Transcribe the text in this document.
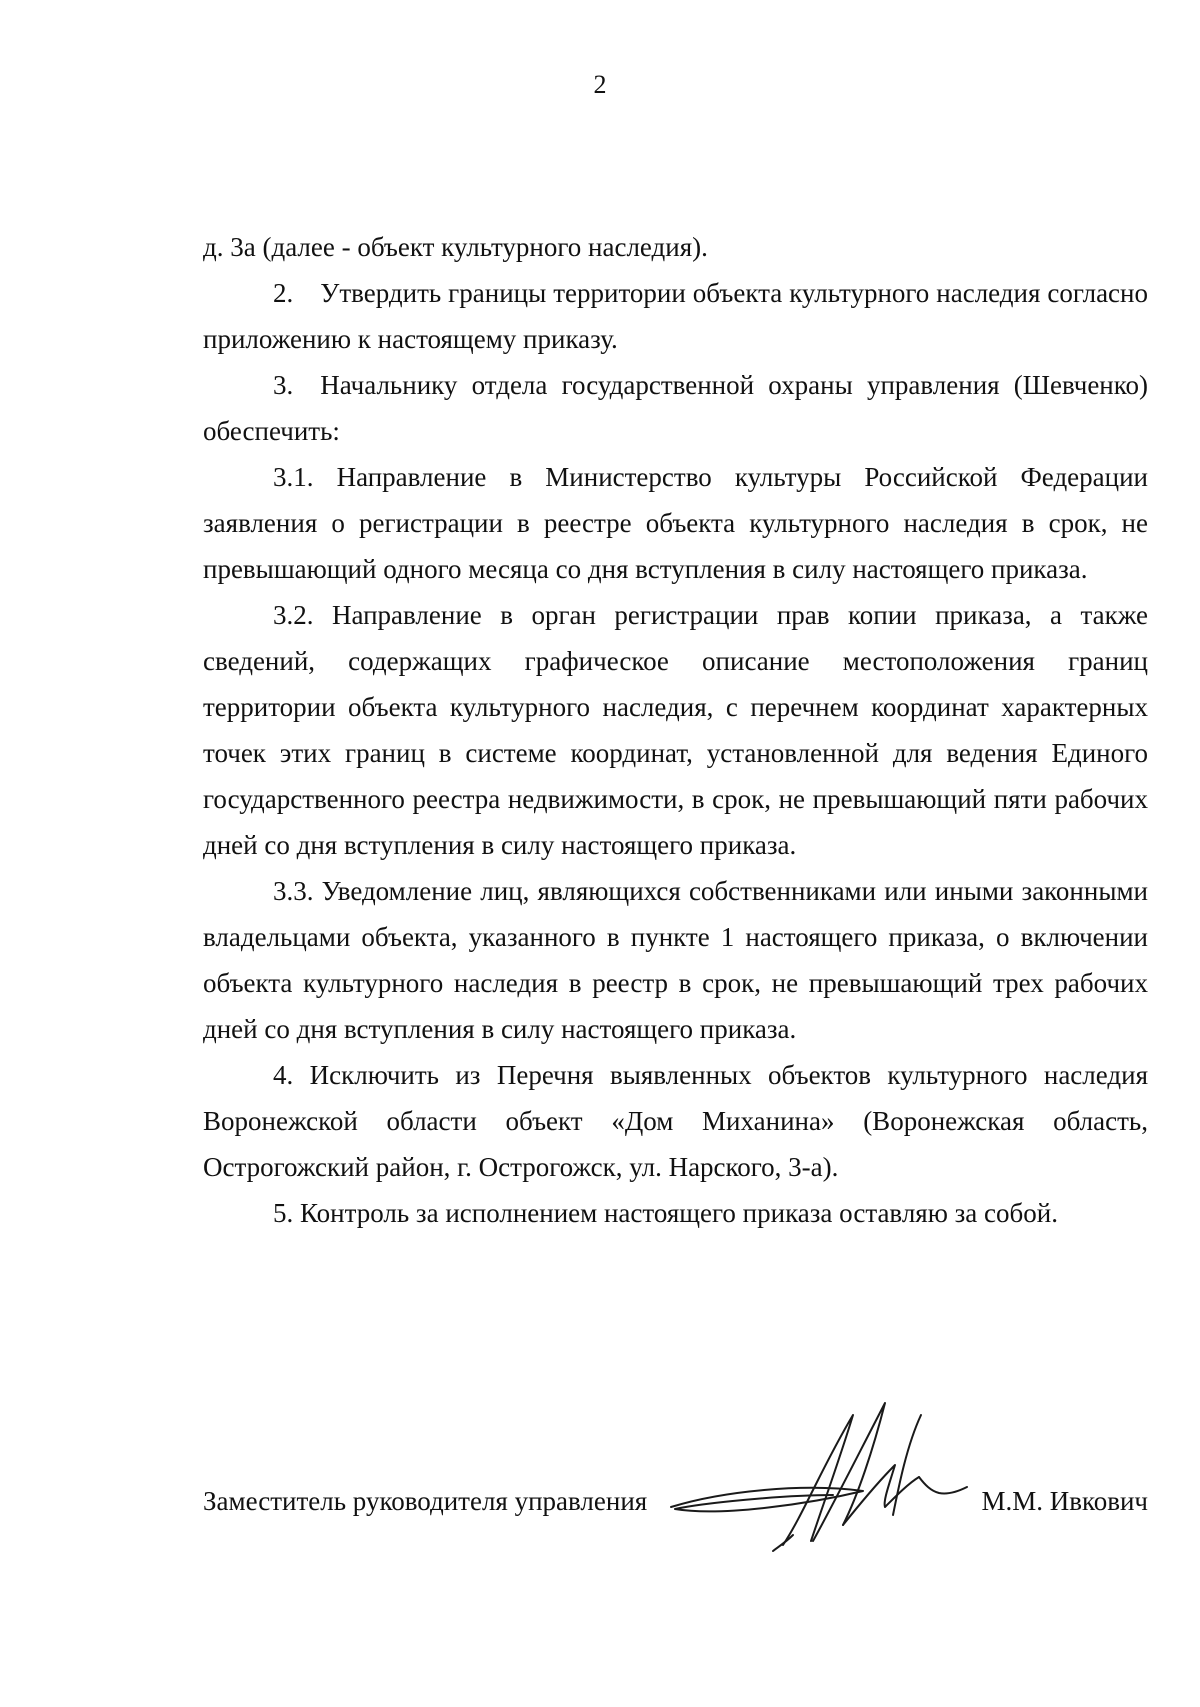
2

д. 3а (далее - объект культурного наследия).

2. Утвердить границы территории объекта культурного наследия согласно приложению к настоящему приказу.

3. Начальнику отдела государственной охраны управления (Шевченко) обеспечить:

3.1. Направление в Министерство культуры Российской Федерации заявления о регистрации в реестре объекта культурного наследия в срок, не превышающий одного месяца со дня вступления в силу настоящего приказа.

3.2. Направление в орган регистрации прав копии приказа, а также сведений, содержащих графическое описание местоположения границ территории объекта культурного наследия, с перечнем координат характерных точек этих границ в системе координат, установленной для ведения Единого государственного реестра недвижимости, в срок, не превышающий пяти рабочих дней со дня вступления в силу настоящего приказа.

3.3. Уведомление лиц, являющихся собственниками или иными законными владельцами объекта, указанного в пункте 1 настоящего приказа, о включении объекта культурного наследия в реестр в срок, не превышающий трех рабочих дней со дня вступления в силу настоящего приказа.

4. Исключить из Перечня выявленных объектов культурного наследия Воронежской области объект «Дом Миханина» (Воронежская область, Острогожский район, г. Острогожск, ул. Нарского, 3-а).

5. Контроль за исполнением настоящего приказа оставляю за собой.

Заместитель руководителя управления	М.М. Ивкович
